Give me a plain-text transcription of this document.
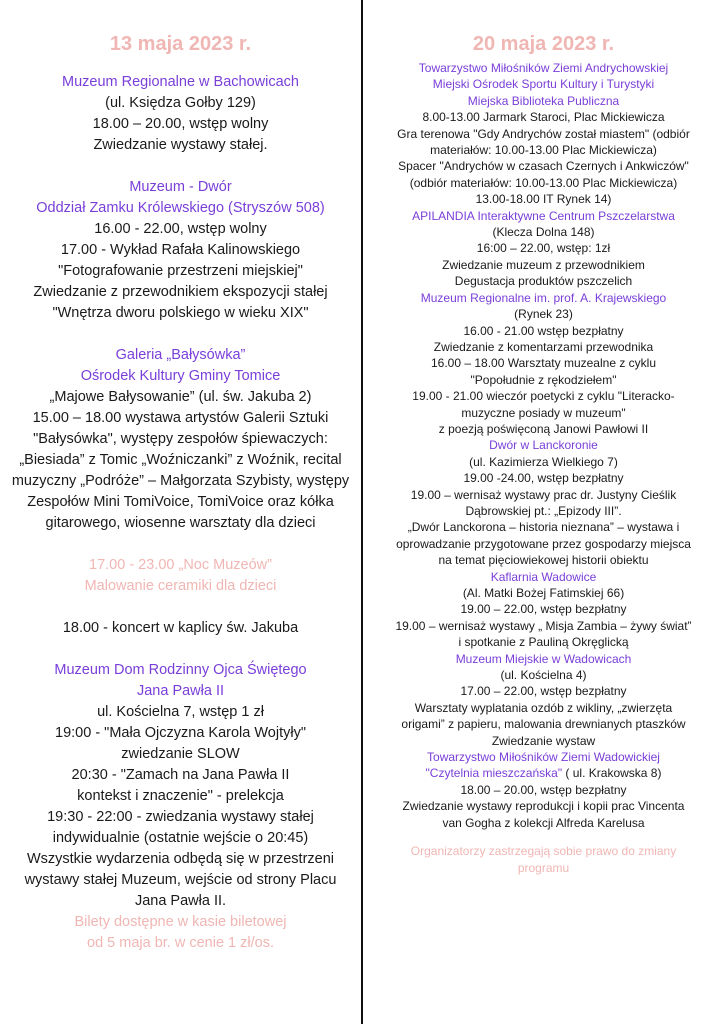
13 maja 2023 r.

Muzeum Regionalne w Bachowicach

(ul. Księdza Gołby 129)

18.00 – 20.00, wstęp wolny

Zwiedzanie wystawy stałej.

Muzeum - Dwór

Oddział Zamku Królewskiego (Stryszów 508)

16.00 - 22.00, wstęp wolny

17.00 - Wykład Rafała Kalinowskiego

"Fotografowanie przestrzeni miejskiej"

Zwiedzanie z przewodnikiem ekspozycji stałej

"Wnętrza dworu polskiego w wieku XIX"

Galeria „Bałysówka”

Ośrodek Kultury Gminy Tomice

„Majowe Bałysowanie” (ul. św. Jakuba 2)

15.00 – 18.00 wystawa artystów Galerii Sztuki

"Bałysówka", występy zespołów śpiewaczych:

„Biesiada” z Tomic „Woźniczanki” z Woźnik, recital

muzyczny „Podróże” – Małgorzata Szybisty, występy

Zespołów Mini TomiVoice, TomiVoice oraz kółka

gitarowego, wiosenne warsztaty dla dzieci

17.00 - 23.00 „Noc Muzeów”

Malowanie ceramiki dla dzieci

18.00 - koncert w kaplicy św. Jakuba

Muzeum Dom Rodzinny Ojca Świętego

Jana Pawła II

ul. Kościelna 7, wstęp 1 zł

19:00 - "Mała Ojczyzna Karola Wojtyły"

zwiedzanie SLOW

20:30 - "Zamach na Jana Pawła II

kontekst i znaczenie" - prelekcja

19:30 - 22:00 - zwiedzania wystawy stałej

indywidualnie (ostatnie wejście o 20:45)

Wszystkie wydarzenia odbędą się w przestrzeni

wystawy stałej Muzeum, wejście od strony Placu

Jana Pawła II.

Bilety dostępne w kasie biletowej

od 5 maja br. w cenie 1 zł/os.

20 maja 2023 r.

Towarzystwo Miłośników Ziemi Andrychowskiej

Miejski Ośrodek Sportu Kultury i Turystyki

Miejska Biblioteka Publiczna

8.00-13.00 Jarmark Staroci, Plac Mickiewicza

Gra terenowa "Gdy Andrychów został miastem" (odbiór

materiałów: 10.00-13.00 Plac Mickiewicza)

Spacer "Andrychów w czasach Czernych i Ankwiczów"

(odbiór materiałów: 10.00-13.00 Plac Mickiewicza)

13.00-18.00 IT Rynek 14)

APILANDIA Interaktywne Centrum Pszczelarstwa

(Klecza Dolna 148)

16:00 – 22.00, wstęp: 1zł

Zwiedzanie muzeum z przewodnikiem

Degustacja produktów pszczelich

Muzeum Regionalne im. prof. A. Krajewskiego

(Rynek 23)

16.00 - 21.00 wstęp bezpłatny

Zwiedzanie z komentarzami przewodnika

16.00 – 18.00 Warsztaty muzealne z cyklu

"Popołudnie z rękodziełem"

19.00 - 21.00 wieczór poetycki z cyklu "Literacko-

muzyczne posiady w muzeum"

z poezją poświęconą Janowi Pawłowi II

Dwór w Lanckoronie

(ul. Kazimierza Wielkiego 7)

19.00 -24.00, wstęp bezpłatny

19.00 – wernisaż wystawy prac dr. Justyny Cieślik

Dąbrowskiej pt.: „Epizody III”.

„Dwór Lanckorona – historia nieznana” – wystawa i

oprowadzanie przygotowane przez gospodarzy miejsca

na temat pięciowiekowej historii obiektu

Kaflarnia Wadowice

(Al. Matki Bożej Fatimskiej 66)

19.00 – 22.00, wstęp bezpłatny

19.00 – wernisaż wystawy „ Misja Zambia – żywy świat”

i spotkanie z Pauliną Okręglicką

Muzeum Miejskie w Wadowicach

(ul. Kościelna 4)

17.00 – 22.00, wstęp bezpłatny

Warsztaty wyplatania ozdób z wikliny, „zwierzęta

origami” z papieru, malowania drewnianych ptaszków

Zwiedzanie wystaw

Towarzystwo Miłośników Ziemi Wadowickiej

"Czytelnia mieszczańska" ( ul. Krakowska 8)

18.00 – 20.00, wstęp bezpłatny

Zwiedzanie wystawy reprodukcji i kopii prac Vincenta

van Gogha z kolekcji Alfreda Karelusa

Organizatorzy zastrzegają sobie prawo do zmiany

programu
